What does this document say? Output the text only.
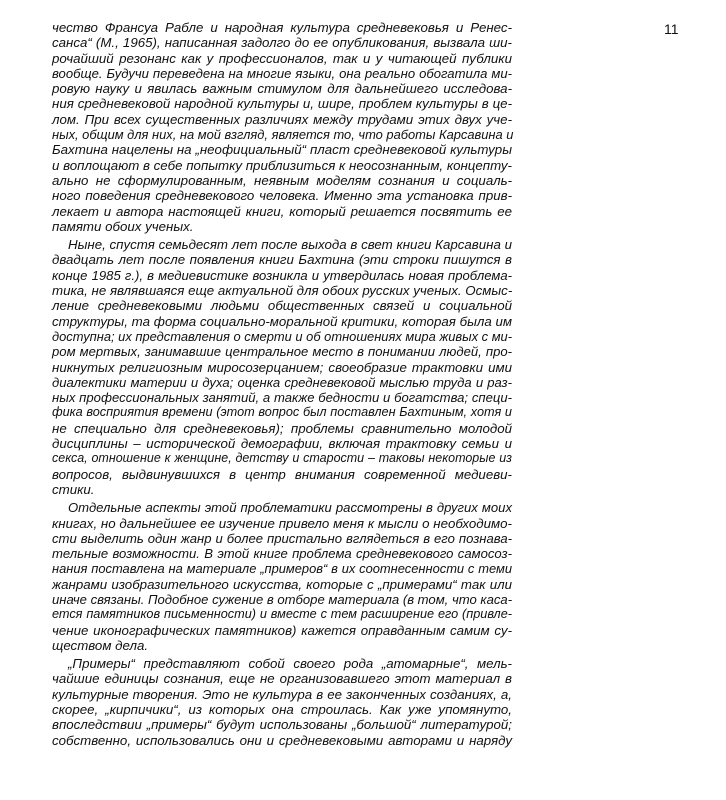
11
чество Франсуа Рабле и народная культура средневековья и Ренес-
санса“ (М., 1965), написанная задолго до ее опубликования, вызвала ши-
рочайший резонанс как у профессионалов, так и у читающей публики
вообще. Будучи переведена на многие языки, она реально обогатила ми-
ровую науку и явилась важным стимулом для дальнейшего исследова-
ния средневековой народной культуры и, шире, проблем культуры в це-
лом. При всех существенных различиях между трудами этих двух уче-
ных, общим для них, на мой взгляд, является то, что работы Карсавина и
Бахтина нацелены на „неофициальный“ пласт средневековой культуры
и воплощают в себе попытку приблизиться к неосознанным, концепту-
ально не сформулированным, неявным моделям сознания и социаль-
ного поведения средневекового человека. Именно эта установка прив-
лекает и автора настоящей книги, который решается посвятить ее
памяти обоих ученых.
Ныне, спустя семьдесят лет после выхода в свет книги Карсавина и
двадцать лет после появления книги Бахтина (эти строки пишутся в
конце 1985 г.), в медиевистике возникла и утвердилась новая проблема-
тика, не являвшаяся еще актуальной для обоих русских ученых. Осмыс-
ление средневековыми людьми общественных связей и социальной
структуры, та форма социально-моральной критики, которая была им
доступна; их представления о смерти и об отношениях мира живых с ми-
ром мертвых, занимавшие центральное место в понимании людей, про-
никнутых религиозным миросозерцанием; своеобразие трактовки ими
диалектики материи и духа; оценка средневековой мыслью труда и раз-
ных профессиональных занятий, а также бедности и богатства; специ-
фика восприятия времени (этот вопрос был поставлен Бахтиным, хотя и
не специально для средневековья); проблемы сравнительно молодой
дисциплины – исторической демографии, включая трактовку семьи и
секса, отношение к женщине, детству и старости – таковы некоторые из
вопросов, выдвинувшихся в центр внимания современной медиеви-
стики.
Отдельные аспекты этой проблематики рассмотрены в других моих
книгах, но дальнейшее ее изучение привело меня к мысли о необходимо-
сти выделить один жанр и более пристально вглядеться в его познава-
тельные возможности. В этой книге проблема средневекового самосоз-
нания поставлена на материале „примеров“ в их соотнесенности с теми
жанрами изобразительного искусства, которые с „примерами“ так или
иначе связаны. Подобное сужение в отборе материала (в том, что каса-
ется памятников письменности) и вместе с тем расширение его (привле-
чение иконографических памятников) кажется оправданным самим су-
ществом дела.
„Примеры“ представляют собой своего рода „атомарные“, мель-
чайшие единицы сознания, еще не организовавшего этот материал в
культурные творения. Это не культура в ее законченных созданиях, а,
скорее, „кирпичики“, из которых она строилась. Как уже упомянуто,
впоследствии „примеры“ будут использованы „большой“ литературой;
собственно, использовались они и средневековыми авторами и наряду
